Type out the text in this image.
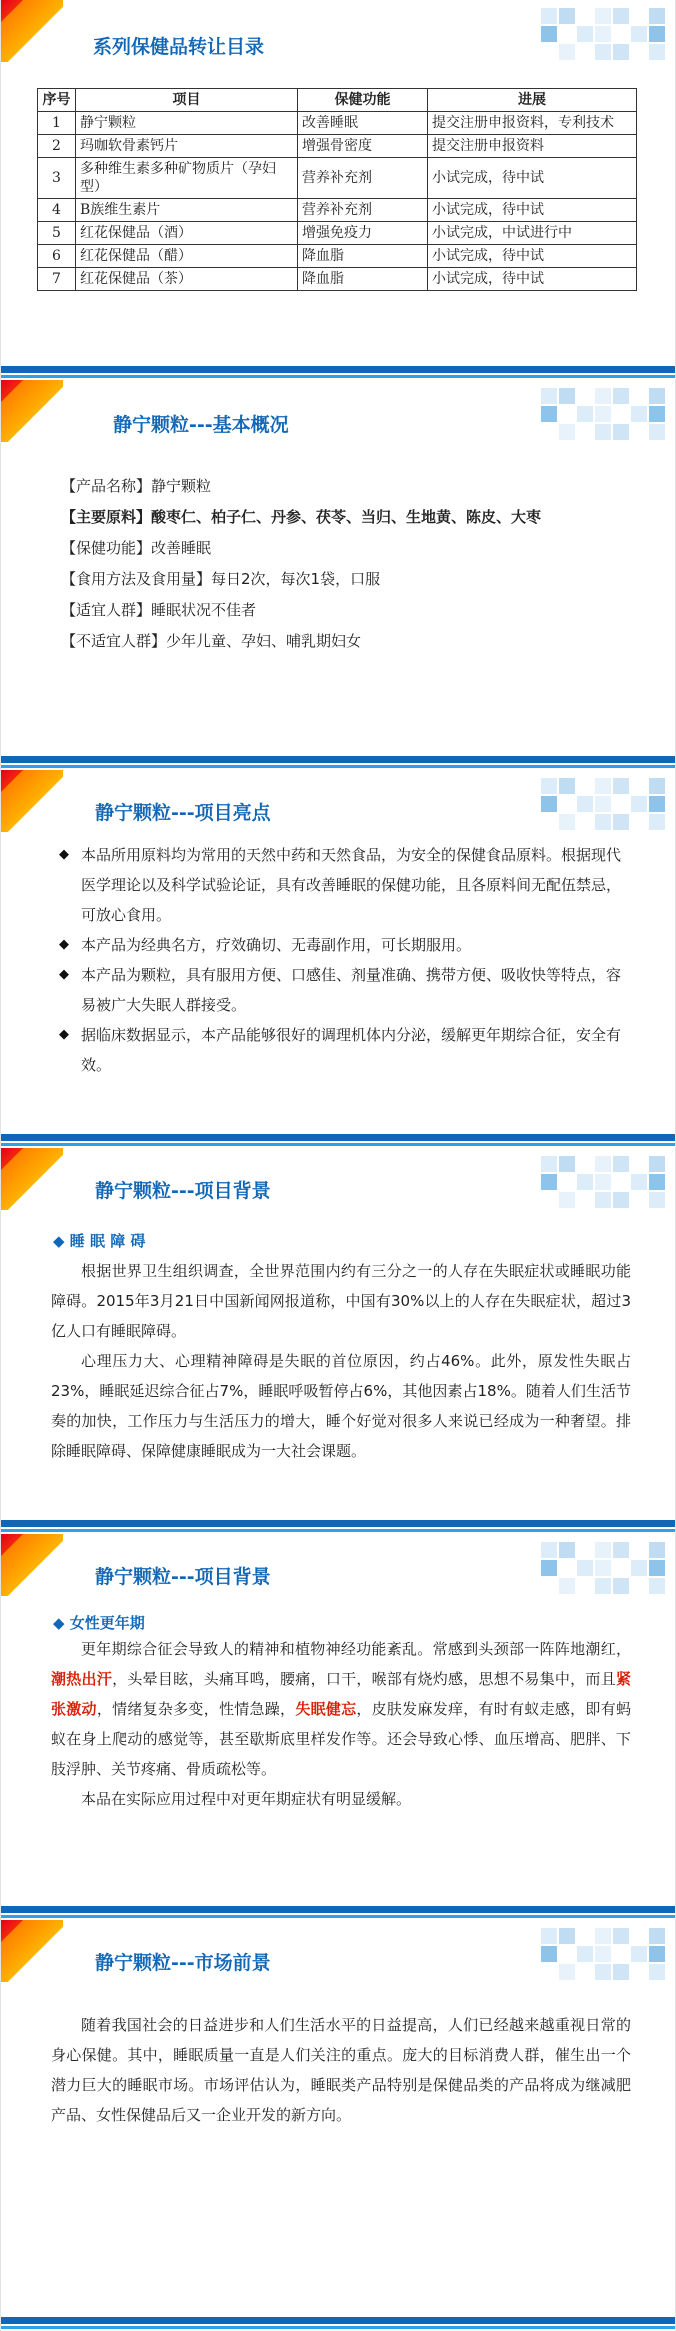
系列保健品转让目录
序号	项目	保健功能	进展
1	静宁颗粒	改善睡眠	提交注册申报资料，专利技术
2	玛咖软骨素钙片	增强骨密度	提交注册申报资料
3	多种维生素多种矿物质片（孕妇型）	营养补充剂	小试完成，待中试
4	B族维生素片	营养补充剂	小试完成，待中试
5	红花保健品（酒）	增强免疫力	小试完成，中试进行中
6	红花保健品（醋）	降血脂	小试完成，待中试
7	红花保健品（茶）	降血脂	小试完成，待中试
静宁颗粒---基本概况
【产品名称】静宁颗粒
【主要原料】酸枣仁、柏子仁、丹参、茯苓、当归、生地黄、陈皮、大枣
【保健功能】改善睡眠
【食用方法及食用量】每日2次，每次1袋，口服
【适宜人群】睡眠状况不佳者
【不适宜人群】少年儿童、孕妇、哺乳期妇女
静宁颗粒---项目亮点
◆ 本品所用原料均为常用的天然中药和天然食品，为安全的保健食品原料。根据现代医学理论以及科学试验论证，具有改善睡眠的保健功能，且各原料间无配伍禁忌，可放心食用。
◆ 本产品为经典名方，疗效确切、无毒副作用，可长期服用。
◆ 本产品为颗粒，具有服用方便、口感佳、剂量准确、携带方便、吸收快等特点，容易被广大失眠人群接受。
◆ 据临床数据显示，本产品能够很好的调理机体内分泌，缓解更年期综合征，安全有效。
静宁颗粒---项目背景
◆ 睡 眠 障 碍

根据世界卫生组织调查，全世界范围内约有三分之一的人存在失眠症状或睡眠功能障碍。2015年3月21日中国新闻网报道称，中国有30%以上的人存在失眠症状，超过3亿人口有睡眠障碍。

心理压力大、心理精神障碍是失眠的首位原因，约占46%。此外，原发性失眠占23%，睡眠延迟综合征占7%，睡眠呼吸暂停占6%，其他因素占18%。随着人们生活节奏的加快，工作压力与生活压力的增大，睡个好觉对很多人来说已经成为一种奢望。排除睡眠障碍、保障健康睡眠成为一大社会课题。

静宁颗粒---项目背景
◆ 女性更年期

更年期综合征会导致人的精神和植物神经功能紊乱。常感到头颈部一阵阵地潮红，潮热出汗，头晕目眩，头痛耳鸣，腰痛，口干，喉部有烧灼感，思想不易集中，而且紧张激动，情绪复杂多变，性情急躁，失眠健忘，皮肤发麻发痒，有时有蚁走感，即有蚂蚁在身上爬动的感觉等，甚至歇斯底里样发作等。还会导致心悸、血压增高、肥胖、下肢浮肿、关节疼痛、骨质疏松等。

本品在实际应用过程中对更年期症状有明显缓解。

静宁颗粒---市场前景

随着我国社会的日益进步和人们生活水平的日益提高，人们已经越来越重视日常的身心保健。其中，睡眠质量一直是人们关注的重点。庞大的目标消费人群，催生出一个潜力巨大的睡眠市场。市场评估认为，睡眠类产品特别是保健品类的产品将成为继减肥产品、女性保健品后又一企业开发的新方向。
